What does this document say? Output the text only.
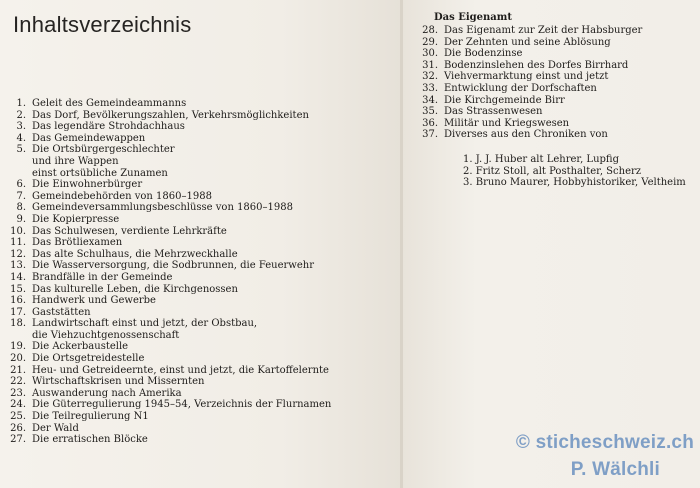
Inhaltsverzeichnis
1. Geleit des Gemeindeammanns
2. Das Dorf, Bevölkerungszahlen, Verkehrsmöglichkeiten
3. Das legendäre Strohdachhaus
4. Das Gemeindewappen
5. Die Ortsbürgergeschlechter
und ihre Wappen
einst ortsübliche Zunamen
6. Die Einwohnerbürger
7. Gemeindebehörden von 1860–1988
8. Gemeindeversammlungsbeschlüsse von 1860–1988
9. Die Kopierpresse
10. Das Schulwesen, verdiente Lehrkräfte
11. Das Brötliexamen
12. Das alte Schulhaus, die Mehrzweckhalle
13. Die Wasserversorgung, die Sodbrunnen, die Feuerwehr
14. Brandfälle in der Gemeinde
15. Das kulturelle Leben, die Kirchgenossen
16. Handwerk und Gewerbe
17. Gaststätten
18. Landwirtschaft einst und jetzt, der Obstbau,
die Viehzuchtgenossenschaft
19. Die Ackerbaustelle
20. Die Ortsgetreidestelle
21. Heu- und Getreideernte, einst und jetzt, die Kartoffelernte
22. Wirtschaftskrisen und Missernten
23. Auswanderung nach Amerika
24. Die Güterregulierung 1945–54, Verzeichnis der Flurnamen
25. Die Teilregulierung N1
26. Der Wald
27. Die erratischen Blöcke
Das Eigenamt
28. Das Eigenamt zur Zeit der Habsburger
29. Der Zehnten und seine Ablösung
30. Die Bodenzinse
31. Bodenzinslehen des Dorfes Birrhard
32. Viehvermarktung einst und jetzt
33. Entwicklung der Dorfschaften
34. Die Kirchgemeinde Birr
35. Das Strassenwesen
36. Militär und Kriegswesen
37. Diverses aus den Chroniken von
1. J. J. Huber alt Lehrer, Lupfig
2. Fritz Stoll, alt Posthalter, Scherz
3. Bruno Maurer, Hobbyhistoriker, Veltheim
© sticheschweiz.ch
P. Wälchli
